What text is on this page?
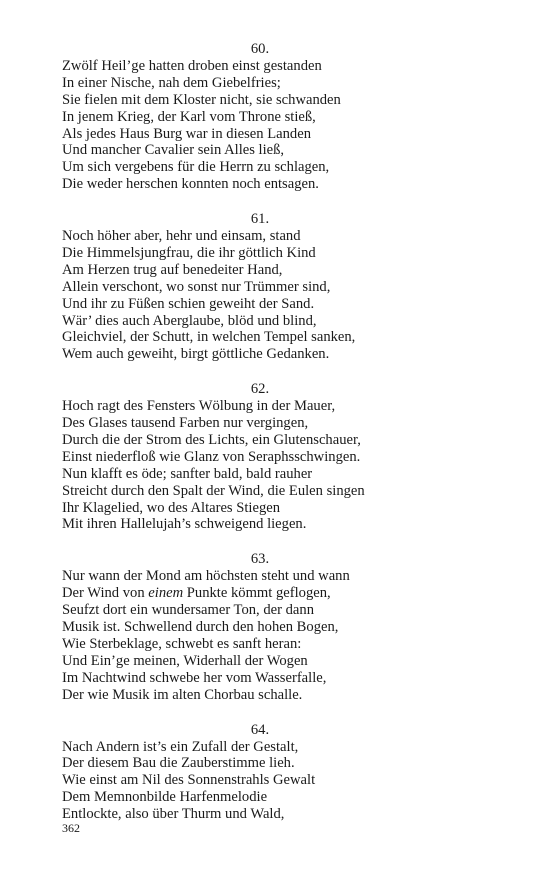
60.
Zwölf Heil’ge hatten droben einst gestanden
In einer Nische, nah dem Giebelfries;
Sie fielen mit dem Kloster nicht, sie schwanden
In jenem Krieg, der Karl vom Throne stieß,
Als jedes Haus Burg war in diesen Landen
Und mancher Cavalier sein Alles ließ,
Um sich vergebens für die Herrn zu schlagen,
Die weder herschen konnten noch entsagen.
61.
Noch höher aber, hehr und einsam, stand
Die Himmelsjungfrau, die ihr göttlich Kind
Am Herzen trug auf benedeiter Hand,
Allein verschont, wo sonst nur Trümmer sind,
Und ihr zu Füßen schien geweiht der Sand.
Wär’ dies auch Aberglaube, blöd und blind,
Gleichviel, der Schutt, in welchen Tempel sanken,
Wem auch geweiht, birgt göttliche Gedanken.
62.
Hoch ragt des Fensters Wölbung in der Mauer,
Des Glases tausend Farben nur vergingen,
Durch die der Strom des Lichts, ein Glutenschauer,
Einst niederfloß wie Glanz von Seraphsschwingen.
Nun klafft es öde; sanfter bald, bald rauher
Streicht durch den Spalt der Wind, die Eulen singen
Ihr Klagelied, wo des Altares Stiegen
Mit ihren Hallelujah’s schweigend liegen.
63.
Nur wann der Mond am höchsten steht und wann
Der Wind von einem Punkte kömmt geflogen,
Seufzt dort ein wundersamer Ton, der dann
Musik ist. Schwellend durch den hohen Bogen,
Wie Sterbeklage, schwebt es sanft heran:
Und Ein’ge meinen, Widerhall der Wogen
Im Nachtwind schwebe her vom Wasserfalle,
Der wie Musik im alten Chorbau schalle.
64.
Nach Andern ist’s ein Zufall der Gestalt,
Der diesem Bau die Zauberstimme lieh.
Wie einst am Nil des Sonnenstrahls Gewalt
Dem Memnonbilde Harfenmelodie
Entlockte, also über Thurm und Wald,
362
